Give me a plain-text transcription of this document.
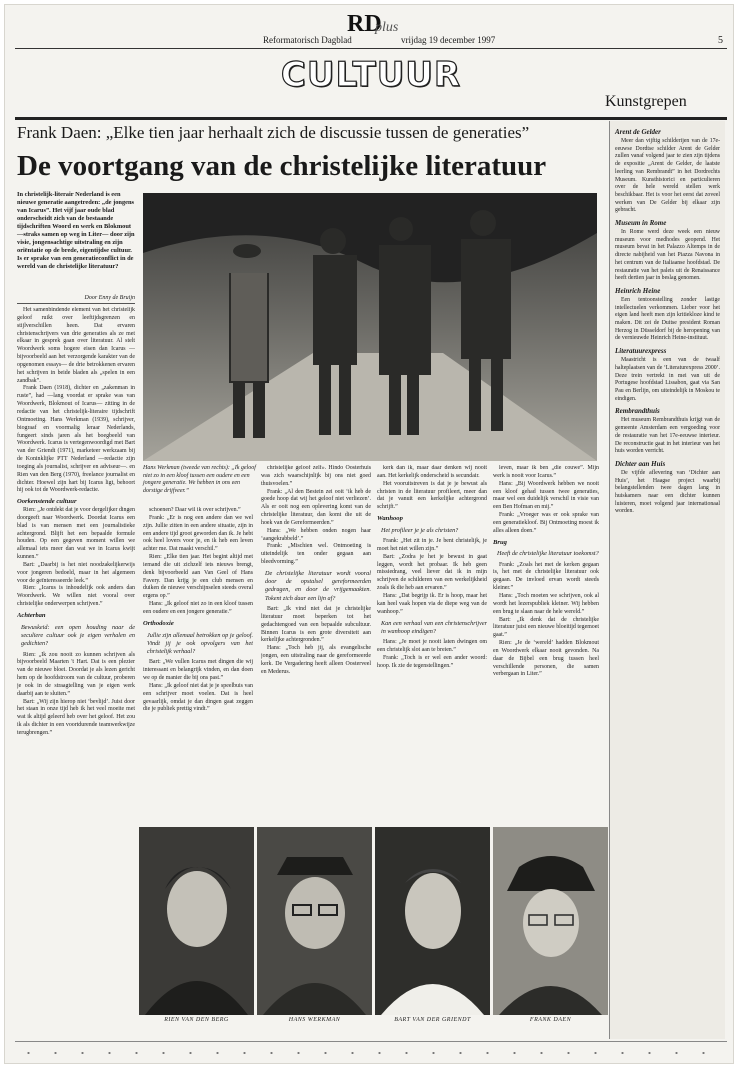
RD
plus
Reformatorisch Dagblad	vrijdag 19 december 1997	5
CULTUUR
Kunstgrepen
Frank Daen: „Elke tien jaar herhaalt zich de discussie tussen de generaties”
De voortgang van de christelijke literatuur
In christelijk-literair Nederland is een nieuwe generatie aangetreden: „de jongens van Icarus”. Het vijf jaar oude blad onderscheidt zich van de bestaande tijdschriften Woord en werk en Blokmout —straks samen op weg in Liter— door zijn visie, jongensachtige uitstraling en zijn oriëntatie op de brede, eigentijdse cultuur. Is er sprake van een generatieconflict in de wereld van de christelijke literatuur?
Door Enny de Bruijn

Het samenbindende element van het christelijk geloof ruikt over leeftijdsgrenzen en stijlverschillen heen. Dat ervaren christenschrijvers van drie generaties als ze met elkaar in gesprek gaan over literatuur. Al stelt Woordwerk soms hogere eisen dan Icarus —bijvoorbeeld aan het verzorgende karakter van de opgenomen essays— de drie betrokkenen ervaren het schrijven in beide bladen als „spelen in een zandbak”.

Frank Daen (1918), dichter en „zakenman in ruste”, had —lang voordat er sprake was van Woordwerk, Blokmout of Icarus— zitting in de redactie van het christelijk-literaire tijdschrift Ontmoeting. Hans Werkman (1939), schrijver, biograaf en voormalig leraar Nederlands, fungeert sinds jaren als het boegbeeld van Woordwerk. Icarus is vertegenwoordigd met Bart van der Griendt (1971), marketeer werkzaam bij de Koninklijke PTT Nederland —redactie zijn toeging als journalist, schrijver en adviseur—. en Rien van den Berg (1970), freelance journalist en dichter. Hoewel zijn hart bij Icarus ligt, behoort hij ook tot de Woordwerk-redactie.

Oorkenstende cultuur

Rien: „Je ontdekt dat je voor dergelijker dingen doorgeeft naar Woordwerk. Doordat Icarus een blad is van mensen met een journalistieke achtergrond. Blijft het een bepaalde formule houden. Op een gegeven moment willen we allemaal iets meer dan wat we in Icarus kwijt kunnen.”

Bart: „Daarbij is het niet noodzakelijkerwijs voor jongeren bedoeld, maar in het algemeen voor de geïnteresseerde leek.”

Rien: „Icarus is inhoudelijk ook anders dan Woordwerk. We willen niet vooral over christelijke onderwerpen schrijven.”

Achterban
Bewuskeid: een open houding naar de seculiere cultuur ook je eigen verhalen en gedichten?

Rien: „Ik zou nooit zo kunnen schrijven als bijvoorbeeld Maarten 't Hart. Dat is een plezier van de nieuwe bloei. Doordat je als lezen gericht hem op de hoofdstroom van de cultuur, proberen je ook in de straagtelling van je eigen werk daarbij aan te sluiten.”

Bart: „Wij zijn hierop niet ‘bevlijd’. Juist door het staan in onze tijd heb ik het veel moeite met wat ik altijd geleerd heb over het geloof. Het zou ik als dichter in een voortdurende teamwerkwijze terugbrengen.”

Hans Werkman (tweede van rechts): „Ik geloof niet zo in een kloof tussen een oudere en een jongere generatie. We hebben in ons een dorstige drijfveer.”

schoenen? Daar wil ik over schrijven.”

Frank: „Er is nog een andere dan we wel zijn. Jullie zitten in een andere situatie, zijn in een andere tijd groot geworden dan ik. Je hebt ook heel lovers voor je, en ik heb een leven achter me. Dat maakt verschil.”

Rien: „Elke tien jaar. Het begint altijd met iemand die uit zichzelf iets nieuws brengt, denk bijvoorbeeld aan Van Geel of Hans Favery. Dan krijg je een club mensen en duiken de nieuwe verschijnselen steeds overal ergens op.”

Hans: „Ik geloof niet zo in een kloof tussen een oudere en een jongere generatie.”

Orthodoxie
Jullie zijn allemaal betrokken op je geloof. Vindt jij je ook opvolgers van het christelijk verhaal?

Bart: „We vullen Icarus met dingen die wij interessant en belangrijk vinden, en dan doen we op de manier die bij ons past.”

Hans: „Ik geloof niet dat je je speelbuis van een schrijver moet voelen. Dat is heel gevaarlijk, omdat je dan dingen gaat zeggen die je publiek prettig vindt.”

christelijke geloof zelf». Hindo Oosterhuis was zich waarschijnlijk bij ons niet goed thuisvoelen.”

Frank: „Al den Bestein zei ooit ‘ik heb de goede hoop dat wij het geloof niet verliezen’. Als er ooit nog een oplevering komt van de christelijke literatuur, dan komt die uit de hoek van de Gereformeerden.”

Hans: „We hebben onden nogen haar ‘aangekrabbeld’.”

Frank: „Mischien wel. Ontmoeting is uiteindelijk ten onder gegaan aan bleedvorming.”

De christelijke literatuur wordt vooral door de opstalsel gereformeerden gedragen, en door de vrijgemaakten. Tokent zich daar een lijn af?

Bart: „Ik vind niet dat je christelijke literatuur moet beperken tot het gedachtengoed van een bepaalde subcultuur. Binnen Icarus is een grote diversiteit aan kerkelijke achtergronden.”

Hans: „Toch heb jij, als evangelische jongen, een uitstraling naar de gereformeerde kerk. De Vergadering heeft alleen Oosterveel en Mederus.

kerk dan ik, maar daar denken wij nooit aan. Het kerkelijk onderscheid is secundair.

Het vooruitstreven is dat je je bewust als christen in de literatuur profileert, meer dan dat je vanuit een kerkelijke achtergrond schrijft.”

Wanhoop
Het profileer je je als christen?

Frank: „Het zit in je. Je bent christelijk, je moet het niet willen zijn.”

Bart: „Zodra je het je bewust in gaat leggen, wordt het probaar. Ik heb geen missiedrang, veel liever dat ik in mijn schrijven de schilderen van een werkelijkheid zoals ik die heb aan ervaren.”

Hans: „Dat begrijp ik. Er is hoop, maar het kan heel vaak hopen via de diepe weg van de wanhoop.”

Kan een verhaal van een christenschrijver in wanhoop eindigen?

Hans: „Je moet je nooit laten dwingen om een christelijk slot aan te breien.”

Frank: „Toch is er wel een ander woord: hoop. Ik zie de tegenstellingen.”

leven, maar ik ben „die couwe”. Mijn werk is nooit voor Icarus.”

Hans: „Bij Woordwerk hebben we nooit een kloof gehad tussen twee generaties, maar wel een duidelijk verschil in visie van een Ben Hofman en mij.”

Frank: „Vroeger was er ook sprake van een generatiekloof. Bij Ontmoeting moest ik alles alleen doen.”

Brug
Heeft de christelijke literatuur toekomst?

Frank: „Zoals het met de kerken gegaan is, het met de christelijke literatuur ook gegaan. De invloed ervan wordt steeds kleiner.”

Hans: „Toch moeten we schrijven, ook al wordt het lezerspubliek kleiner. Wij hebben een brug te slaan naar de hele wereld.”

Bart: „Ik denk dat de christelijke literatuur juist een nieuwe bloeitijd tegemoet gaat.”

Rien: „Je de ‘wereld’ hadden Blokmout en Woordwerk elkaar nooit gevonden. Na daar de Bijbel een brug tussen heel verschillende personen, die samen verbergaan in Liter.”

RIEN VAN DEN BERG	HANS WERKMAN	BART VAN DER GRIENDT	FRANK DAEN
Arent de Gelder

Meer dan vijftig schilderijen van de 17e-eeuwse Dordtse schilder Arent de Gelder zullen vanaf volgend jaar te zien zijn tijdens de expositie „Arent de Gelder, de laatste leerling van Rembrandt” in het Dordrechts Museum. Kunsthistorici en particulieren over de hele wereld stellen werk beschikbaar. Het is voor het eerst dat zoveel werken van De Gelder bij elkaar zijn gebracht.

Museum in Rome

In Rome werd deze week een nieuw museum voor medhodes geopend. Het museum bevat in het Palazzo Altemps in de directe nabijheid van het Piazza Navona in het centrum van de Italiaanse hoofdstad. De restauratie van het paleis uit de Renaissance heeft dertien jaar in beslag genomen.

Heinrich Heine

Een tentoonstelling zonder lastige intellectuelen verkommen. Lieber voor het eigen land heeft men zijn kritiekloze kind te maken. Dit zei de Duitse president Roman Herzog in Düsseldorf bij de heropening van de vernieuwde Heinrich Heine-instituut.

Literatuurexpress

Maastricht is een van de twaalf halteplaatsen van de ‘Literaturexpress 2000’. Deze trein vertrekt in mei van uit de Portugese hoofdstad Lissabon, gaat via San Pau en Berlijn, om uiteindelijk in Moskou te eindigen.

Rembrandthuis

Het museum Rembrandthuis krijgt van de gemeente Amsterdam een vergoeding voor de restauratie van het 17e-eeuwse interieur. De reconstructie gaat in het interieur van het huis worden verricht.

Dichter aan Huis

De vijfde aflevering van ‘Dichter aan Huis’, het Haagse project waarbij belangstellenden twee dagen lang in huiskamers naar een dichter kunnen luisteren, moet volgend jaar internationaal worden.
